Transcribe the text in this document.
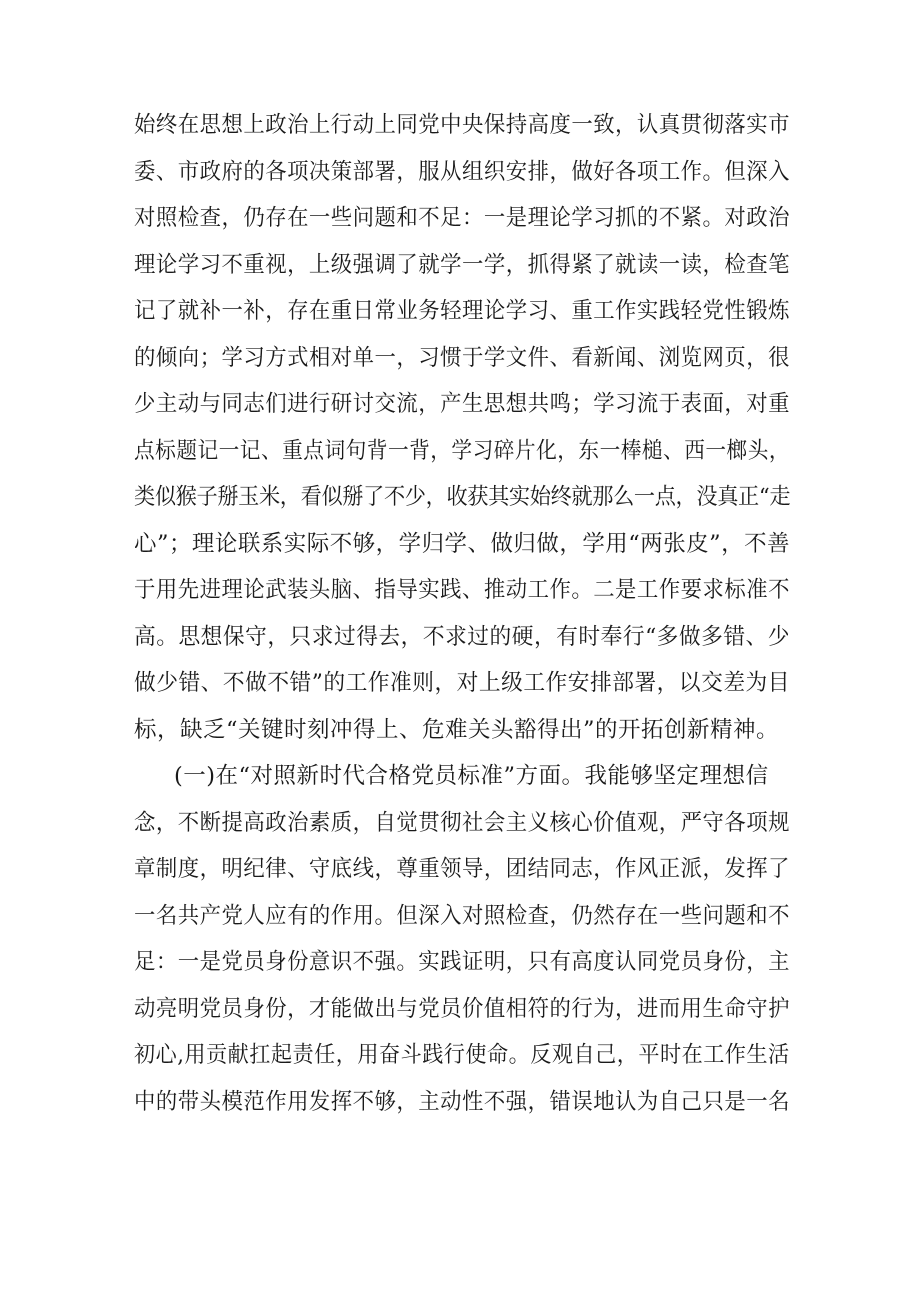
始终在思想上政治上行动上同党中央保持高度一致，认真贯彻落实市
委、市政府的各项决策部署，服从组织安排，做好各项工作。但深入
对照检查，仍存在一些问题和不足：一是理论学习抓的不紧。对政治
理论学习不重视，上级强调了就学一学，抓得紧了就读一读，检查笔
记了就补一补，存在重日常业务轻理论学习、重工作实践轻党性锻炼
的倾向；学习方式相对单一，习惯于学文件、看新闻、浏览网页，很
少主动与同志们进行研讨交流，产生思想共鸣；学习流于表面，对重
点标题记一记、重点词句背一背，学习碎片化，东一棒槌、西一榔头，
类似猴子掰玉米，看似掰了不少，收获其实始终就那么一点，没真正“走
心”；理论联系实际不够，学归学、做归做，学用“两张皮”，不善
于用先进理论武装头脑、指导实践、推动工作。二是工作要求标准不
高。思想保守，只求过得去，不求过的硬，有时奉行“多做多错、少
做少错、不做不错”的工作准则，对上级工作安排部署，以交差为目
标，缺乏“关键时刻冲得上、危难关头豁得出”的开拓创新精神。
(一)在“对照新时代合格党员标准”方面。我能够坚定理想信
念，不断提高政治素质，自觉贯彻社会主义核心价值观，严守各项规
章制度，明纪律、守底线，尊重领导，团结同志，作风正派，发挥了
一名共产党人应有的作用。但深入对照检查，仍然存在一些问题和不
足：一是党员身份意识不强。实践证明，只有高度认同党员身份，主
动亮明党员身份，才能做出与党员价值相符的行为，进而用生命守护
初心,用贡献扛起责任，用奋斗践行使命。反观自己，平时在工作生活
中的带头模范作用发挥不够，主动性不强，错误地认为自己只是一名
